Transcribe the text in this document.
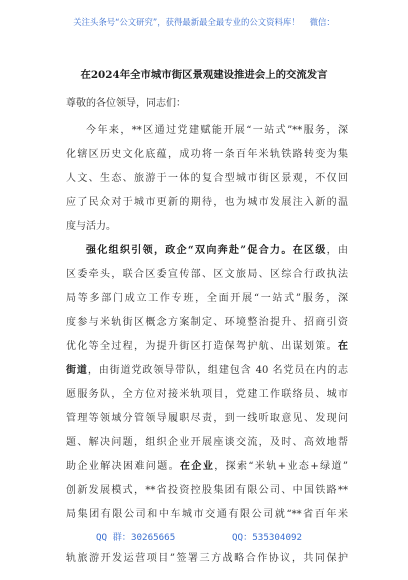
关注头条号“公文研究”，获得最新最全最专业的公文资料库！ 微信：
在2024年全市城市街区景观建设推进会上的交流发言
尊敬的各位领导，同志们：
今年来，**区通过党建赋能开展“一站式”**服务，深
化辖区历史文化底蕴，成功将一条百年米轨铁路转变为集
人文、生态、旅游于一体的复合型城市街区景观，不仅回
应了民众对于城市更新的期待，也为城市发展注入新的温
度与活力。
强化组织引领，政企“双向奔赴”促合力。在区级，由
区委牵头，联合区委宣传部、区文旅局、区综合行政执法
局等多部门成立工作专班，全面开展“一站式”服务，深
度参与米轨街区概念方案制定、环境整治提升、招商引资
优化等全过程，为提升街区打造保驾护航、出谋划策。在
街道，由街道党政领导带队，组建包含 40 名党员在内的志
愿服务队，全方位对接米轨项目，党建工作联络员、城市
管理等领域分管领导履职尽责，到一线听取意见、发现问
题、解决问题，组织企业开展座谈交流，及时、高效地帮
助企业解决困难问题。在企业，探索“米轨+业态+绿道”
创新发展模式，**省投资控股集团有限公司、中国铁路**
局集团有限公司和中车城市交通有限公司就“**省百年米
QQ 群：30265665	QQ：535304092
轨旅游开发运营项目”签署三方战略合作协议，共同保护
